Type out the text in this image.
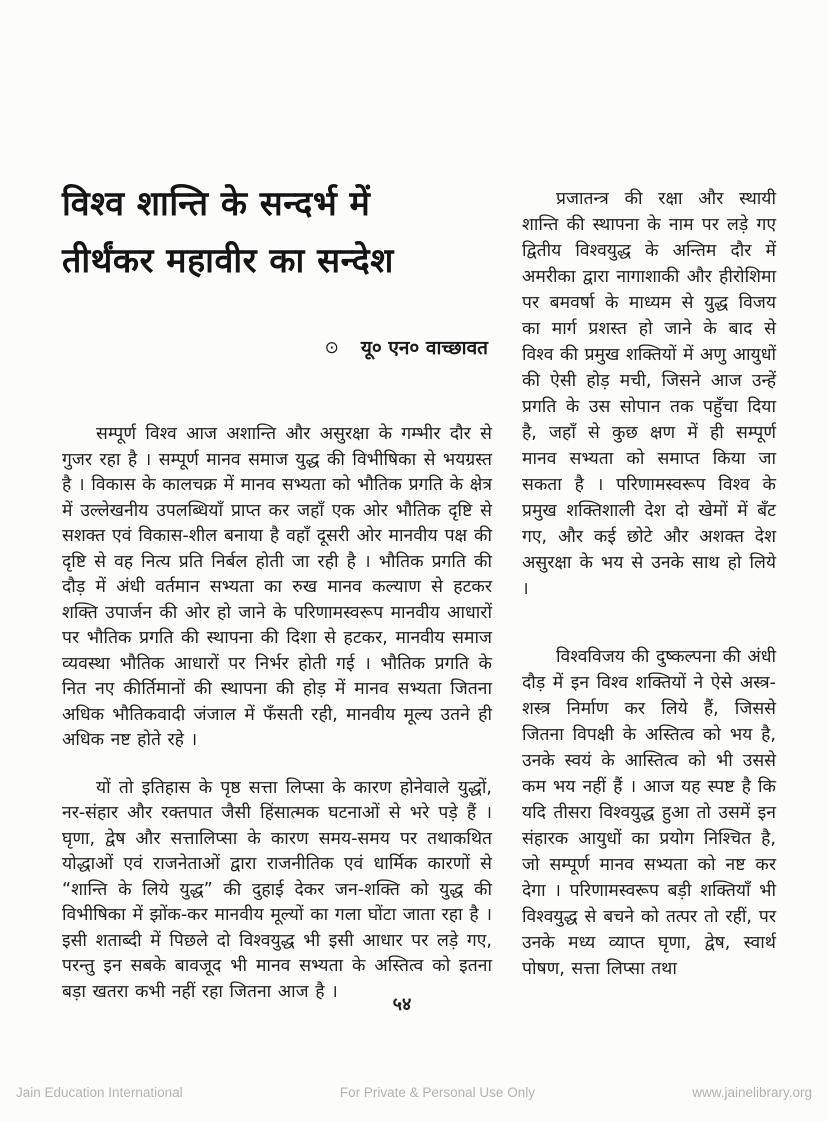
विश्व शान्ति के सन्दर्भ में
तीर्थंकर महावीर का सन्देश
⊙ यू० एन० वाच्छावत

सम्पूर्ण विश्व आज अशान्ति और असुरक्षा के गम्भीर दौर से गुजर रहा है । सम्पूर्ण मानव समाज युद्ध की विभीषिका से भयग्रस्त है । विकास के कालचक्र में मानव सभ्यता को भौतिक प्रगति के क्षेत्र में उल्लेखनीय उपलब्धियाँ प्राप्त कर जहाँ एक ओर भौतिक दृष्टि से सशक्त एवं विकास-शील बनाया है वहाँ दूसरी ओर मानवीय पक्ष की दृष्टि से वह नित्य प्रति निर्बल होती जा रही है । भौतिक प्रगति की दौड़ में अंधी वर्तमान सभ्यता का रुख मानव कल्याण से हटकर शक्ति उपार्जन की ओर हो जाने के परिणामस्वरूप मानवीय आधारों पर भौतिक प्रगति की स्थापना की दिशा से हटकर, मानवीय समाज व्यवस्था भौतिक आधारों पर निर्भर होती गई । भौतिक प्रगति के नित नए कीर्तिमानों की स्थापना की होड़ में मानव सभ्यता जितना अधिक भौतिकवादी जंजाल में फँसती रही, मानवीय मूल्य उतने ही अधिक नष्ट होते रहे ।

यों तो इतिहास के पृष्ठ सत्ता लिप्सा के कारण होनेवाले युद्धों, नर-संहार और रक्तपात जैसी हिंसात्मक घटनाओं से भरे पड़े हैं । घृणा, द्वेष और सत्तालिप्सा के कारण समय-समय पर तथाकथित योद्धाओं एवं राजनेताओं द्वारा राजनीतिक एवं धार्मिक कारणों से “शान्ति के लिये युद्ध” की दुहाई देकर जन-शक्ति को युद्ध की विभीषिका में झोंक-कर मानवीय मूल्यों का गला घोंटा जाता रहा है । इसी शताब्दी में पिछले दो विश्वयुद्ध भी इसी आधार पर लड़े गए, परन्तु इन सबके बावजूद भी मानव सभ्यता के अस्तित्व को इतना बड़ा खतरा कभी नहीं रहा जितना आज है ।

प्रजातन्त्र की रक्षा और स्थायी शान्ति की स्थापना के नाम पर लड़े गए द्वितीय विश्वयुद्ध के अन्तिम दौर में अमरीका द्वारा नागाशाकी और हीरोशिमा पर बमवर्षा के माध्यम से युद्ध विजय का मार्ग प्रशस्त हो जाने के बाद से विश्व की प्रमुख शक्तियों में अणु आयुधों की ऐसी होड़ मची, जिसने आज उन्हें प्रगति के उस सोपान तक पहुँचा दिया है, जहाँ से कुछ क्षण में ही सम्पूर्ण मानव सभ्यता को समाप्त किया जा सकता है । परिणामस्वरूप विश्व के प्रमुख शक्तिशाली देश दो खेमों में बँट गए, और कई छोटे और अशक्त देश असुरक्षा के भय से उनके साथ हो लिये ।

विश्वविजय की दुष्कल्पना की अंधी दौड़ में इन विश्व शक्तियों ने ऐसे अस्त्र-शस्त्र निर्माण कर लिये हैं, जिससे जितना विपक्षी के अस्तित्व को भय है, उनके स्वयं के आस्तित्व को भी उससे कम भय नहीं हैं । आज यह स्पष्ट है कि यदि तीसरा विश्वयुद्ध हुआ तो उसमें इन संहारक आयुधों का प्रयोग निश्चित है, जो सम्पूर्ण मानव सभ्यता को नष्ट कर देगा । परिणामस्वरूप बड़ी शक्तियाँ भी विश्वयुद्ध से बचने को तत्पर तो रहीं, पर उनके मध्य व्याप्त घृणा, द्वेष, स्वार्थ पोषण, सत्ता लिप्सा तथा

५४
Jain Education International	For Private & Personal Use Only	www.jainelibrary.org
